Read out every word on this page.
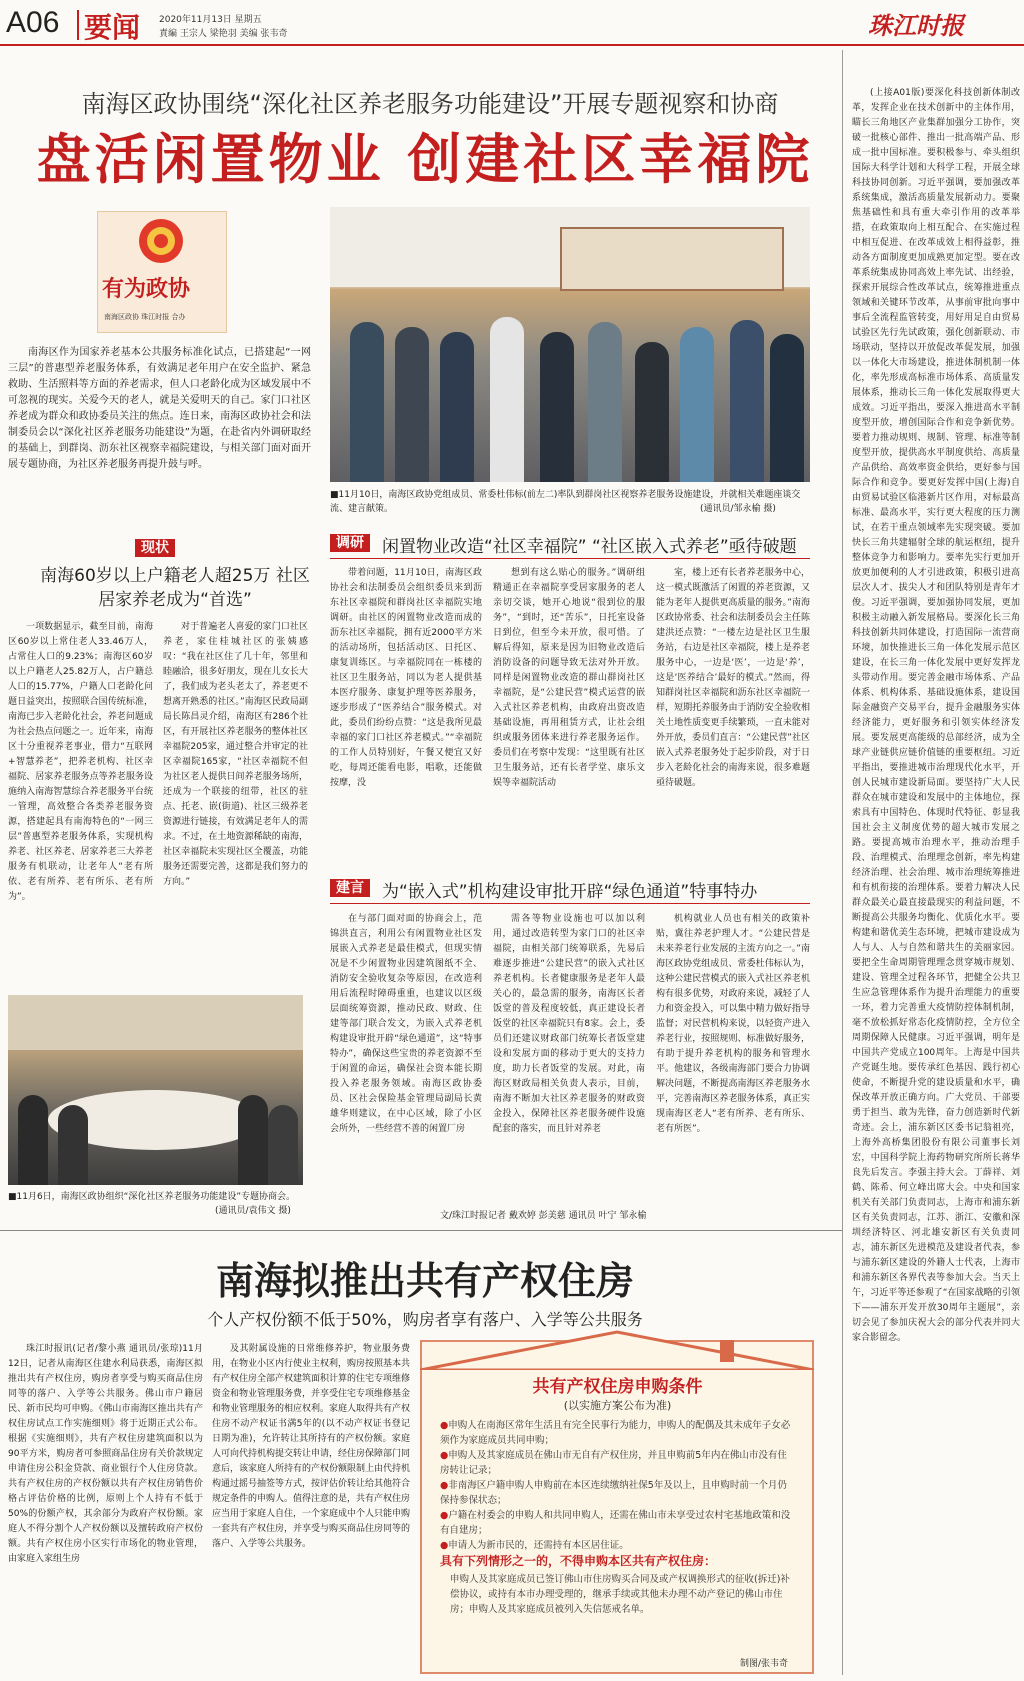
A06 要闻 2020年11月13日 星期五
責編 王宗人 梁艳羽 美编 张韦奇	珠江时报
南海区政协围绕“深化社区养老服务功能建设”开展专题视察和协商
盘活闲置物业 创建社区幸福院
有为政协
南海区政协 珠江时报 合办
南海区作为国家养老基本公共服务标准化试点，已搭建起“一网三层”的普惠型养老服务体系，有效满足老年用户在安全监护、紧急救助、生活照料等方面的养老需求，但人口老龄化成为区域发展中不可忽视的现实。关爱今天的老人，就是关爱明天的自己。家门口社区养老成为群众和政协委员关注的焦点。连日来，南海区政协社会和法制委员会以“深化社区养老服务功能建设”为题，在赴省内外调研取经的基础上，到群岗、沥东社区视察幸福院建设，与相关部门面对面开展专题协商，为社区养老服务再提升鼓与呼。
■11月10日，南海区政协党组成员、常委杜伟标(前左二)率队到群岗社区视察养老服务设施建设，并就相关难题座谈交流、建言献策。	(通讯员/邹永榆 摄)
现状
南海60岁以上户籍老人超25万 社区居家养老成为“首选”
一项数据显示，截至目前，南海区60岁以上常住老人33.46万人，占常住人口的9.23%；南海区60岁以上户籍老人25.82万人，占户籍总人口的15.77%，户籍人口老龄化问题日益突出，按照联合国传统标准，南海已步入老龄化社会，养老问题成为社会热点问题之一。近年来，南海区十分重视养老事业，借力“互联网+智慧养老”，把养老机构、社区幸福院、居家养老服务点等养老服务设施纳入南海智慧综合养老服务平台统一管理，高效整合各类养老服务资源，搭建起具有南海特色的“一网三层”普惠型养老服务体系，实现机构养老、社区养老、居家养老三大养老服务有机联动，让老年人“老有所依、老有所养、老有所乐、老有所为”。
对于普遍老人喜爱的家门口社区养老，家住桂城社区的张姨感叹：“我在社区住了几十年，邻里和睦融洽，很多好朋友，现在儿女长大了，我们成为老头老太了，养老更不想离开熟悉的社区。”南海区民政局副局长陈昌灵介绍，南海区有286个社区，有开展社区养老服务的整体社区幸福院205家，通过整合并审定的社区幸福院165家，“社区幸福院不但为社区老人提供日间养老服务场所，还成为一个联接的纽带，社区的驻点、托老、嵌(街道)、社区三级养老资源进行链接，有效满足老年人的需求。不过，在土地资源稀缺的南海，社区幸福院未实现社区全覆盖，功能服务还需要完善，这都是我们努力的方向。”
■11月6日，南海区政协组织“深化社区养老服务功能建设”专题协商会。
(通讯员/袁伟文 摄)
调研	闲置物业改造“社区幸福院” “社区嵌入式养老”亟待破题
带着问题，11月10日，南海区政协社会和法制委员会组织委员来到沥东社区幸福院和群岗社区幸福院实地调研。由社区的闲置物业改造而成的沥东社区幸福院，拥有近2000平方米的活动场所，包括活动区、日托区、康复训练区。与幸福院同在一栋楼的社区卫生服务站，同以为老人提供基本医疗服务、康复护理等医养服务，逐步形成了“医养结合”服务模式。对此，委员们纷纷点赞：“这是我所见最幸福的家门口社区养老模式。”“幸福院的工作人员特别好，午餐又便宜又好吃，每周还能看电影，唱歌，还能做按摩，没
想到有这么贴心的服务。”调研组精通正在幸福院享受居家服务的老人亲切交谈，她开心地说“很到位的服务”，“到时，还“苦乐”，日托室设备日到位，但至今未开放，很可惜。了解后得知，原来是因为旧物业改造后消防设备的问题导致无法对外开放。同样是闲置物业改造的群山群岗社区幸福院，是“公建民营”模式运营的嵌入式社区养老机构，由政府出资改造基础设施，再用租赁方式，让社会组织或服务团体来进行养老服务运作。委员们在考察中发现：“这里既有社区卫生服务站，还有长者学堂、康乐文娱等幸福院活动
室，楼上还有长者养老服务中心，这一模式既激活了闲置的养老资源，又能为老年人提供更高质量的服务。”南海区政协常委、社会和法制委员会主任陈建洪还点赞：“一楼左边是社区卫生服务站，右边是社区幸福院，楼上是养老服务中心，一边是‘医’，一边是‘养’，这是‘医养结合’最好的模式。”然而，得知群岗社区幸福院和沥东社区幸福院一样，短期托养服务由于消防安全验收相关土地性质变更手续繁琐，一直未能对外开放，委员们直言：“公建民营”社区嵌入式养老服务处于起步阶段，对于日步入老龄化社会的南海来说，很多难题亟待破题。
建言	为“嵌入式”机构建设审批开辟“绿色通道”特事特办
在与部门面对面的协商会上，范锦洪直言，利用公有闲置物业社区发展嵌入式养老是最佳模式，但现实情况是不少闲置物业因建筑图纸不全、消防安全验收复杂等原因，在改造利用后流程时障碍重重，也建议以区级层面统筹资源，推动民政、财政、住建等部门联合发文，为嵌入式养老机构建设审批开辟“绿色通道”，这“特事特办”，确保这些宝贵的养老资源不至于闲置的命运，确保社会资本能长期投入养老服务领域。南海区政协委员、区社会保险基金管理局副局长黄雄华则建议，在中心区域，除了小区会所外，一些经营不善的闲置厂房
需各等物业设施也可以加以利用，通过改造转型为家门口的社区幸福院，由相关部门统筹联系，先易后难逐步推进“公建民营”的嵌入式社区养老机构。长者健康服务是老年人最关心的，最急需的服务，南海区长者饭堂的普及程度较低，真正建设长者饭堂的社区幸福院只有8家。会上，委员们还建议财政部门统筹长者饭堂建设和发展方面的移动于更大的支持力度，助力长者饭堂的发展。对此，南海区财政局相关负责人表示，目前，南海不断加大社区养老服务的财政资金投入，保障社区养老服务硬件设施配套的落实，而且针对养老
机构就业人员也有相关的政策补贴，冀往养老护理人才。“公建民营是未来养老行业发展的主流方向之一。”南海区政协党组成员、常委杜伟标认为，这种公建民营模式的嵌入式社区养老机构有很多优势，对政府来说，减轻了人力和资金投入，可以集中精力做好指导监督；对民营机构来说，以轻资产进入养老行业，按照规则、标准做好服务，有助于提升养老机构的服务和管理水平。他建议，各级南海部门要合力协调解决问题，不断提高南海区养老服务水平，完善南海区养老服务体系，真正实现南海区老人“老有所养、老有所乐、老有所医”。
文/珠江时报记者 戴欢婷 彭美慈 通讯员 叶宁 邹永榆
(上接A01版)要深化科技创新体制改革，发挥企业在技术创新中的主体作用，瞄长三角地区产业集群加强分工协作，突破一批核心部件、推出一批高端产品、形成一批中国标准。要积极参与、牵头组织国际大科学计划和大科学工程，开展全球科技协同创新。习近平强调，要加强改革系统集成，激活高质量发展新动力。要聚焦基础性和具有重大牵引作用的改革举措，在政策取向上相互配合、在实施过程中相互促进、在改革成效上相得益彰，推动各方面制度更加成熟更加定型。要在改革系统集成协同高效上率先试、出经验，探索开展综合性改革试点，统筹推进重点领域和关键环节改革，从事前审批向事中事后全流程监管转变，用好用足自由贸易试验区先行先试政策，强化创新联动、市场联动，坚持以开放促改革促发展，加强以一体化大市场建设，推进体制机制一体化，率先形成高标准市场体系、高质量发展体系，推动长三角一体化发展取得更大成效。习近平指出，要深入推进高水平制度型开放，增创国际合作和竞争新优势。要着力推动规则、规制、管理、标准等制度型开放，提供高水平制度供给、高质量产品供给、高效率资金供给，更好参与国际合作和竞争。要更好发挥中国(上海)自由贸易试验区临港新片区作用，对标最高标准、最高水平，实行更大程度的压力测试，在若干重点领域率先实现突破。要加快长三角共建辐射全球的航运枢纽，提升整体竞争力和影响力。要率先实行更加开放更加便利的人才引进政策，积极引进高层次人才、拔尖人才和团队特别是青年才俊。习近平强调，要加强协同发展，更加积极主动融入新发展格局。要深化长三角科技创新共同体建设，打造国际一流营商环境，加快推进长三角一体化发展示范区建设，在长三角一体化发展中更好发挥龙头带动作用。要完善金融市场体系、产品体系、机构体系、基础设施体系，建设国际金融资产交易平台，提升金融服务实体经济能力，更好服务和引领实体经济发展。要发展更高能级的总部经济，成为全球产业链供应链价值链的重要枢纽。习近平指出，要推进城市治理现代化水平，开创人民城市建设新局面。要坚持广大人民群众在城市建设和发展中的主体地位，探索具有中国特色、体现时代特征、彰显我国社会主义制度优势的超大城市发展之路。要提高城市治理水平，推动治理手段、治理模式、治理理念创新，率先构建经济治理、社会治理、城市治理统筹推进和有机衔接的治理体系。要着力解决人民群众最关心最直接最现实的利益问题，不断提高公共服务均衡化、优质化水平。要构建和谐优美生态环境，把城市建设成为人与人、人与自然和谐共生的美丽家园。要把全生命周期管理理念贯穿城市规划、建设、管理全过程各环节，把健全公共卫生应急管理体系作为提升治理能力的重要一环，着力完善重大疫情防控体制机制，毫不放松抓好常态化疫情防控，全方位全周期保障人民健康。习近平强调，明年是中国共产党成立100周年。上海是中国共产党诞生地。要传承红色基因、践行初心使命，不断提升党的建设质量和水平，确保改革开放正确方向。广大党员、干部要勇于担当、敢为先锋，奋力创造新时代新奇迹。会上，浦东新区区委书记翁祖亮，上海外高桥集团股份有限公司董事长刘宏，中国科学院上海药物研究所所长蒋华良先后发言。李强主持大会。丁薛祥、刘鹤、陈希、何立峰出席大会。中央和国家机关有关部门负责同志，上海市和浦东新区有关负责同志，江苏、浙江、安徽和深圳经济特区、河北雄安新区有关负责同志，浦东新区先进模范及建设者代表，参与浦东新区建设的外籍人士代表，上海市和浦东新区各界代表等参加大会。当天上午，习近平等还参观了“在国家战略的引领下——浦东开发开放30周年主题展”，亲切会见了参加庆祝大会的部分代表并同大家合影留念。
南海拟推出共有产权住房
个人产权份额不低于50%，购房者享有落户、入学等公共服务
珠江时报讯(记者/黎小燕 通讯员/张琼)11月12日，记者从南海区住建水利局获悉，南海区拟推出共有产权住房，购房者享受与购买商品住房同等的落户、入学等公共服务。佛山市户籍居民、新市民均可申购。《佛山市南海区推出共有产权住房试点工作实施细则》将于近期正式公布。根据《实施细则》，共有产权住房建筑面积以为90平方米，购房者可参照商品住房有关价款规定申请住房公积金贷款、商业银行个人住房贷款。共有产权住房的产权份额以共有产权住房销售价格占评估价格的比例，原则上个人持有不低于50%的份额产权，其余部分为政府产权份额。家庭人不得分割个人产权份额以及擅转政府产权份额。共有产权住房小区实行市场化的物业管理，由家庭入家组生房
及其附属设施的日常维修养护，物业服务费用，在物业小区内行使业主权利，购房按照基本共有产权住房全部产权建筑面积计算的住宅专项维修资金和物业管理服务费，并享受住宅专项维修基金和物业管理服务的相应权利。家庭人取得共有产权住房不动产权证书满5年的(以不动产权证书登记日期为准)，允许转让其所持有的产权份额。家庭人可向代持机构提交转让申请，经住房保障部门同意后，该家庭人所持有的产权份额限制上由代持机构通过摇号抽签等方式，按评估价转让给其他符合规定条件的申购人。值得注意的是，共有产权住房应当用于家庭人自住，一个家庭成中个人只能申购一套共有产权住房，并享受与购买商品住房同等的落户、入学等公共服务。
共有产权住房申购条件
(以实施方案公布为准)
●申购人在南海区常年生活且有完全民事行为能力，申购人的配偶及其未成年子女必须作为家庭成员共同申购；
●申购人及其家庭成员在佛山市无自有产权住房，并且申购前5年内在佛山市没有住房转让记录；
●非南海区户籍申购人申购前在本区连续缴纳社保5年及以上，且申购时前一个月仍保持参保状态；
●户籍在村委会的申购人和共同申购人，还需在佛山市未享受过农村宅基地政策和没有自建房；
●申请人为新市民的，还需持有本区居住证。
具有下列情形之一的，不得申购本区共有产权住房：
申购人及其家庭成员已签订佛山市住房购买合同及或产权调换形式的征收(拆迁)补偿协议，或持有本市办理受理的，继承手续或其他未办理不动产登记的佛山市住房；申购人及其家庭成员被列入失信惩戒名单。
制图/张韦奇
